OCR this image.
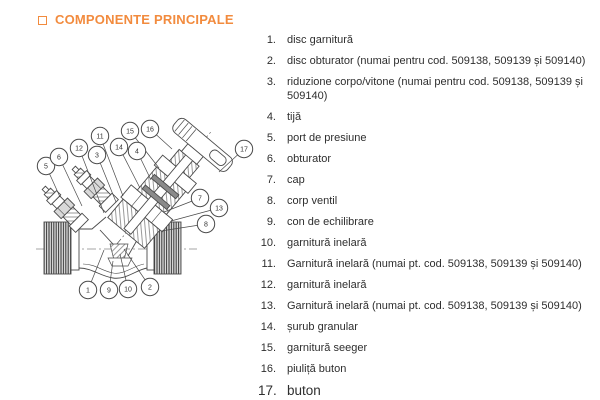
1	2
3
4
5
6
7
8
9 10
11
12
13
14
15 16
17
COMPONENTE PRINCIPALE
1. disc garnitură
2. disc obturator (numai pentru cod. 509138, 509139 și 509140)
3. riduzione corpo/vitone (numai pentru cod. 509138, 509139 și 509140)
4. tijă
5. port de presiune
6. obturator
7. cap
8. corp ventil
9. con de echilibrare
10. garnitură inelară
11. Garnitură inelară (numai pt. cod. 509138, 509139 și 509140)
12. garnitură inelară
13. Garnitură inelară (numai pt. cod. 509138, 509139 și 509140)
14. șurub granular
15. garnitură seeger
16. piuliță buton
17. buton
